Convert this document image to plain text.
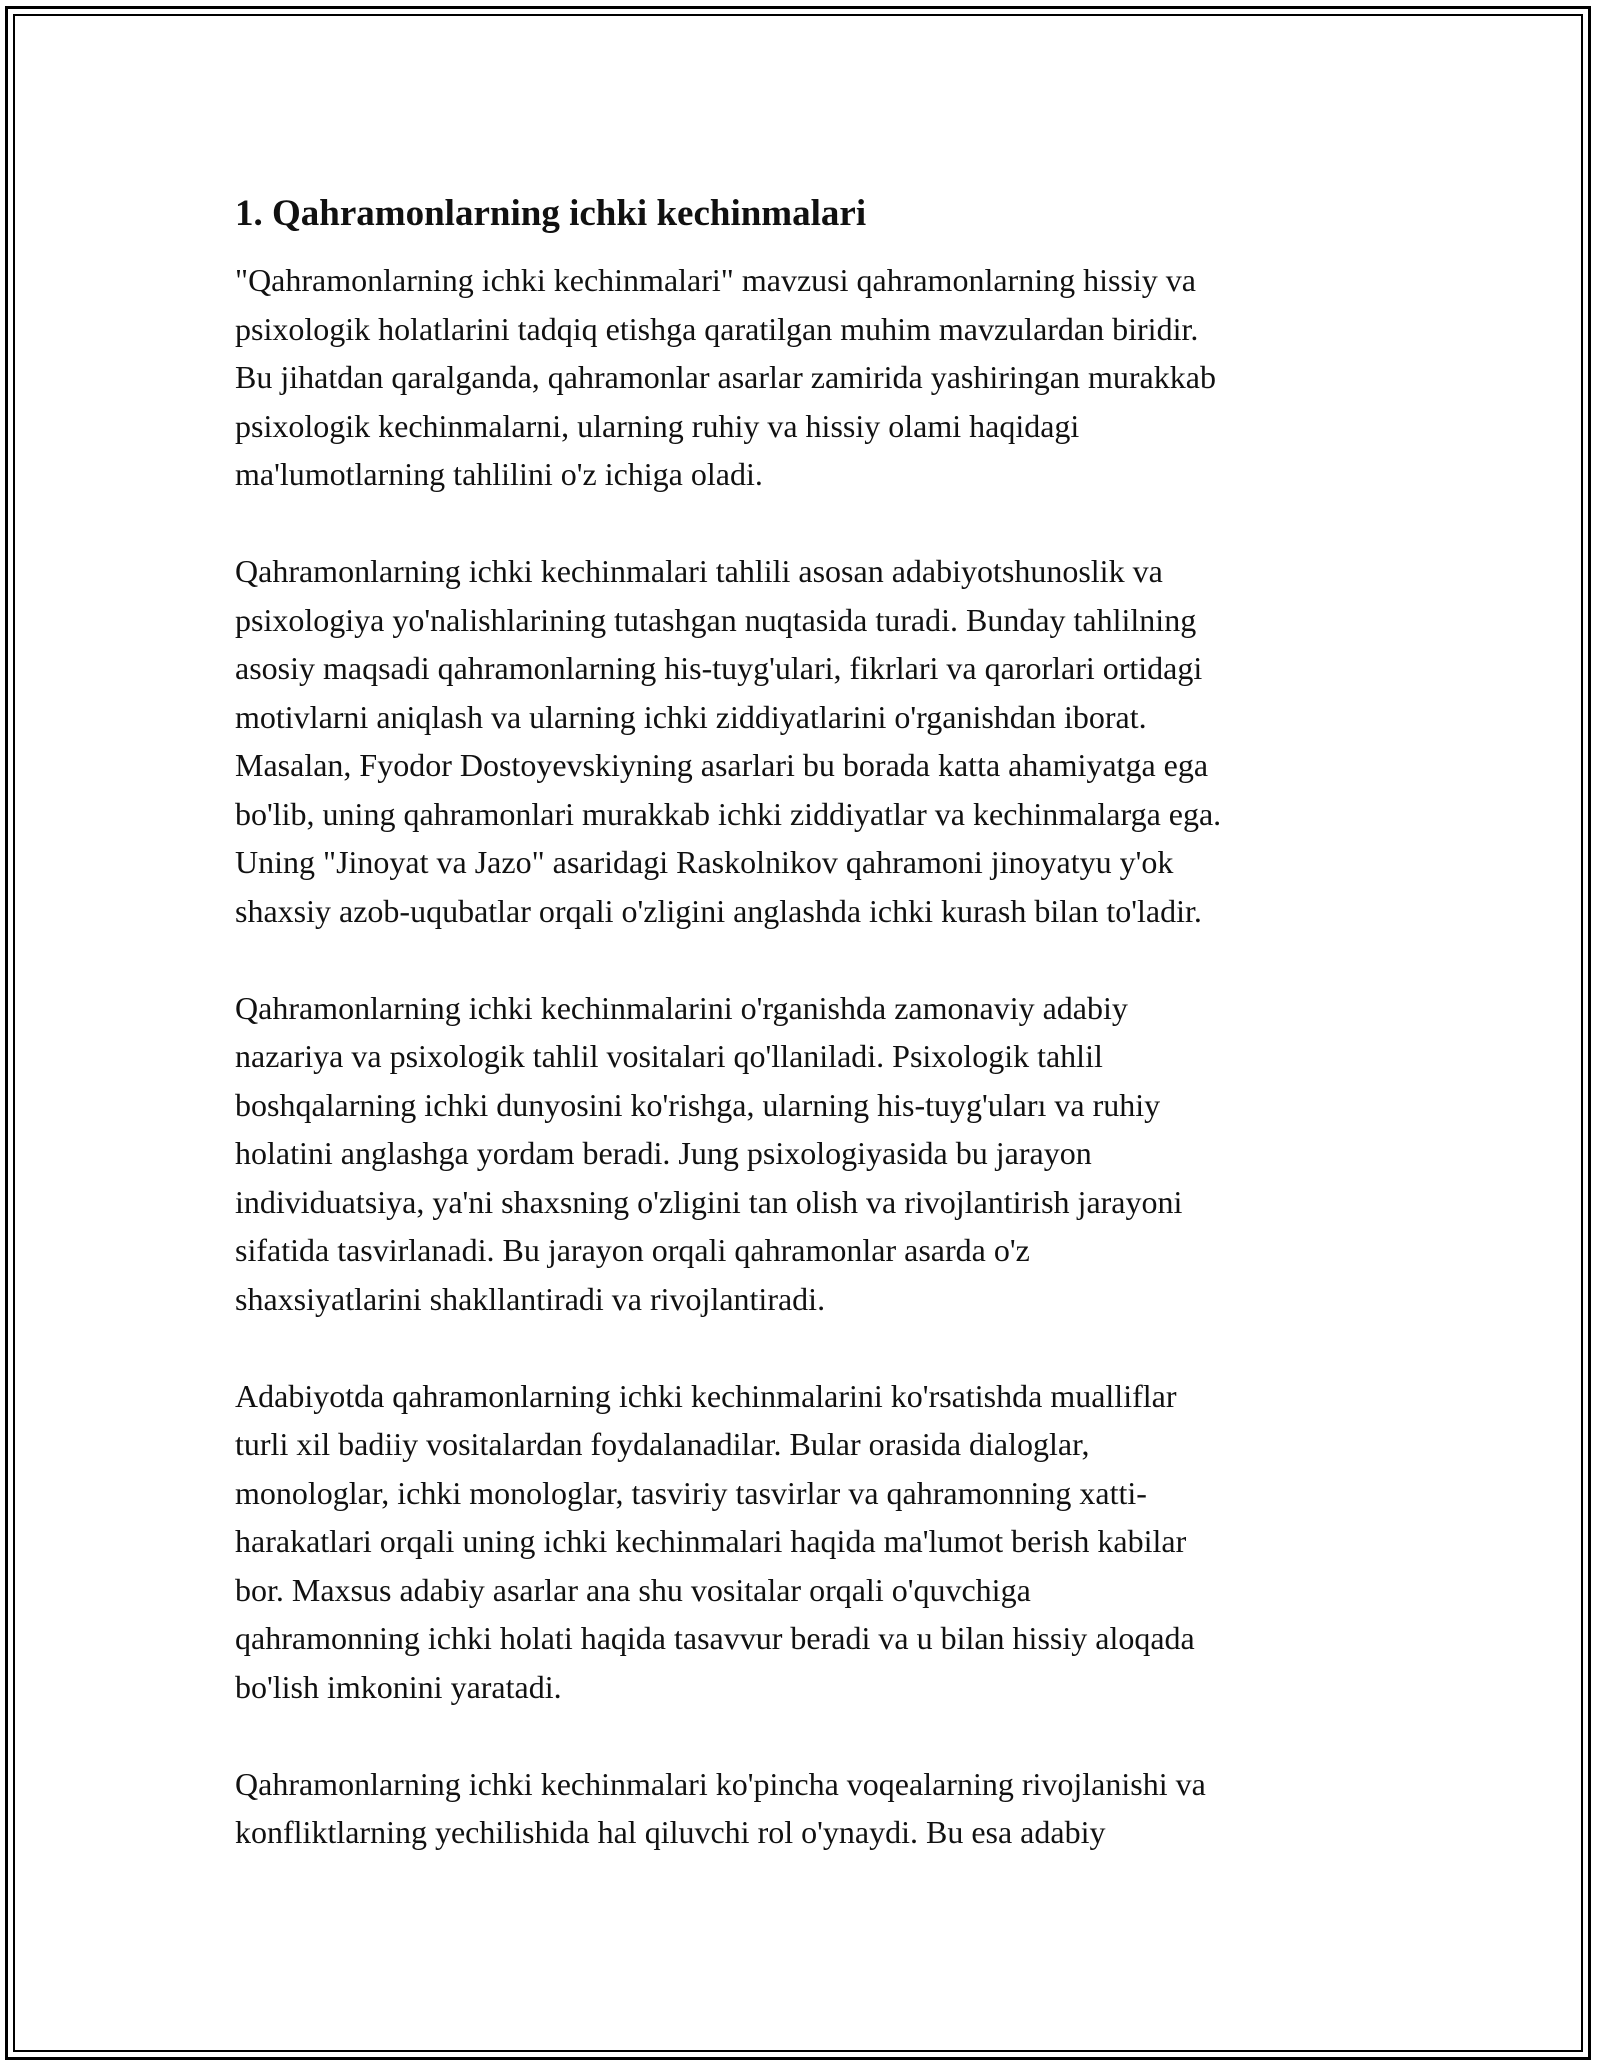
1. Qahramonlarning ichki kechinmalari

"Qahramonlarning ichki kechinmalari" mavzusi qahramonlarning hissiy va
psixologik holatlarini tadqiq etishga qaratilgan muhim mavzulardan biridir.
Bu jihatdan qaralganda, qahramonlar asarlar zamirida yashiringan murakkab
psixologik kechinmalarni, ularning ruhiy va hissiy olami haqidagi
ma'lumotlarning tahlilini o'z ichiga oladi.

Qahramonlarning ichki kechinmalari tahlili asosan adabiyotshunoslik va
psixologiya yo'nalishlarining tutashgan nuqtasida turadi. Bunday tahlilning
asosiy maqsadi qahramonlarning his-tuyg'ulari, fikrlari va qarorlari ortidagi
motivlarni aniqlash va ularning ichki ziddiyatlarini o'rganishdan iborat.
Masalan, Fyodor Dostoyevskiyning asarlari bu borada katta ahamiyatga ega
bo'lib, uning qahramonlari murakkab ichki ziddiyatlar va kechinmalarga ega.
Uning "Jinoyat va Jazo" asaridagi Raskolnikov qahramoni jinoyatyu y'ok
shaxsiy azob-uqubatlar orqali o'zligini anglashda ichki kurash bilan to'ladir.

Qahramonlarning ichki kechinmalarini o'rganishda zamonaviy adabiy
nazariya va psixologik tahlil vositalari qo'llaniladi. Psixologik tahlil
boshqalarning ichki dunyosini ko'rishga, ularning his-tuyg'uları va ruhiy
holatini anglashga yordam beradi. Jung psixologiyasida bu jarayon
individuatsiya, ya'ni shaxsning o'zligini tan olish va rivojlantirish jarayoni
sifatida tasvirlanadi. Bu jarayon orqali qahramonlar asarda o'z
shaxsiyatlarini shakllantiradi va rivojlantiradi.

Adabiyotda qahramonlarning ichki kechinmalarini ko'rsatishda mualliflar
turli xil badiiy vositalardan foydalanadilar. Bular orasida dialoglar,
monologlar, ichki monologlar, tasviriy tasvirlar va qahramonning xatti-
harakatlari orqali uning ichki kechinmalari haqida ma'lumot berish kabilar
bor. Maxsus adabiy asarlar ana shu vositalar orqali o'quvchiga
qahramonning ichki holati haqida tasavvur beradi va u bilan hissiy aloqada
bo'lish imkonini yaratadi.

Qahramonlarning ichki kechinmalari ko'pincha voqealarning rivojlanishi va
konfliktlarning yechilishida hal qiluvchi rol o'ynaydi. Bu esa adabiy
